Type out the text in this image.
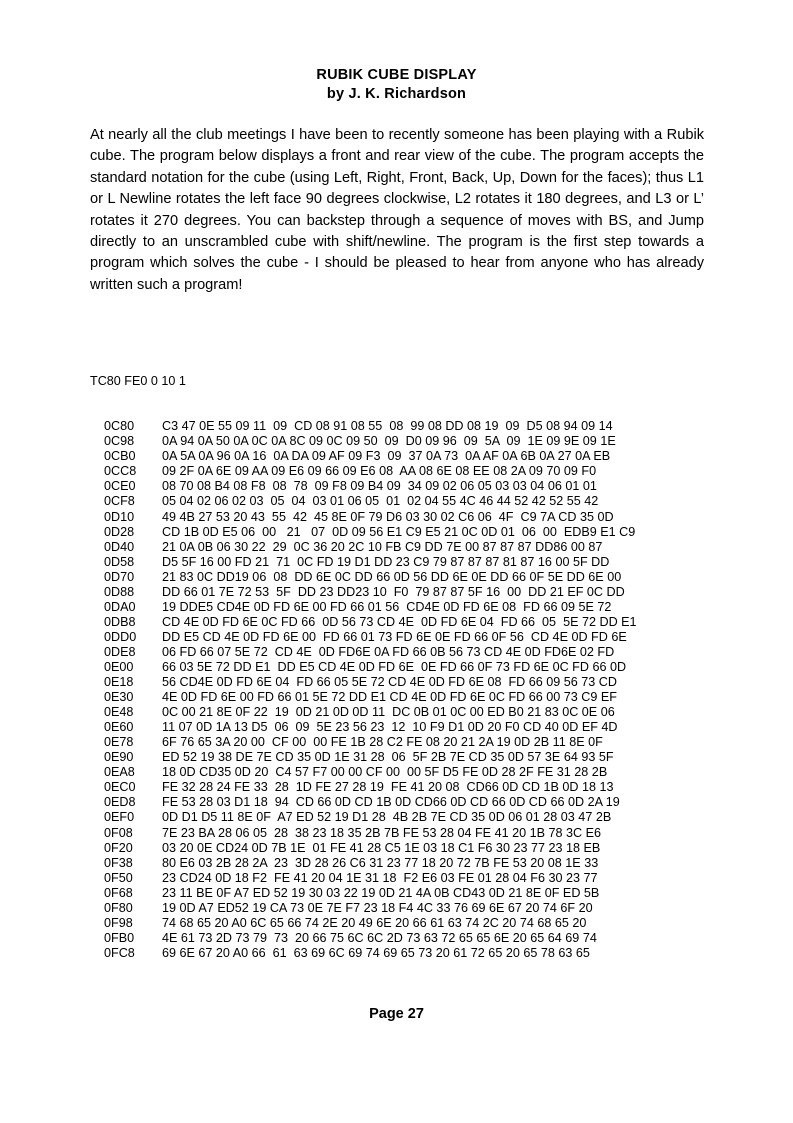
RUBIK CUBE DISPLAY
by J. K. Richardson

At nearly all the club meetings I have been to recently someone has been playing with a Rubik cube. The program below displays a front and rear view of the cube. The program accepts the standard notation for the cube (using Left, Right, Front, Back, Up, Down for the faces); thus L1 or L Newline rotates the left face 90 degrees clockwise, L2 rotates it 180 degrees, and L3 or L’ rotates it 270 degrees. You can backstep through a sequence of moves with BS, and Jump directly to an unscrambled cube with shift/newline. The program is the first step towards a program which solves the cube - I should be pleased to hear from anyone who has already written such a program!

TC80 FE0 0 10 1

0C80 C3 47 0E 55 09 11  09  CD 08 91 08 55  08  99 08 DD 08 19  09  D5 08 94 09 14
0C98 0A 94 0A 50 0A 0C 0A 8C 09 0C 09 50  09  D0 09 96  09  5A  09  1E 09 9E 09 1E
0CB0 0A 5A 0A 96 0A 16  0A DA 09 AF 09 F3  09  37 0A 73  0A AF 0A 6B 0A 27 0A EB
0CC8 09 2F 0A 6E 09 AA 09 E6 09 66 09 E6 08  AA 08 6E 08 EE 08 2A 09 70 09 F0
0CE0 08 70 08 B4 08 F8  08  78  09 F8 09 B4 09  34 09 02 06 05 03 03 04 06 01 01
0CF8 05 04 02 06 02 03  05  04  03 01 06 05  01  02 04 55 4C 46 44 52 42 52 55 42
0D10 49 4B 27 53 20 43  55  42  45 8E 0F 79 D6 03 30 02 C6 06  4F  C9 7A CD 35 0D
0D28 CD 1B 0D E5 06  00   21   07  0D 09 56 E1 C9 E5 21 0C 0D 01  06  00  EDB9 E1 C9
0D40 21 0A 0B 06 30 22  29  0C 36 20 2C 10 FB C9 DD 7E 00 87 87 87 DD86 00 87
0D58 D5 5F 16 00 FD 21  71  0C FD 19 D1 DD 23 C9 79 87 87 87 81 87 16 00 5F DD
0D70 21 83 0C DD19 06  08  DD 6E 0C DD 66 0D 56 DD 6E 0E DD 66 0F 5E DD 6E 00
0D88 DD 66 01 7E 72 53  5F  DD 23 DD23 10  F0  79 87 87 5F 16  00  DD 21 EF 0C DD
0DA0 19 DDE5 CD4E 0D FD 6E 00 FD 66 01 56  CD4E 0D FD 6E 08  FD 66 09 5E 72
0DB8 CD 4E 0D FD 6E 0C FD 66  0D 56 73 CD 4E  0D FD 6E 04  FD 66  05  5E 72 DD E1
0DD0 DD E5 CD 4E 0D FD 6E 00  FD 66 01 73 FD 6E 0E FD 66 0F 56  CD 4E 0D FD 6E
0DE8 06 FD 66 07 5E 72  CD 4E  0D FD6E 0A FD 66 0B 56 73 CD 4E 0D FD6E 02 FD
0E00 66 03 5E 72 DD E1  DD E5 CD 4E 0D FD 6E  0E FD 66 0F 73 FD 6E 0C FD 66 0D
0E18 56 CD4E 0D FD 6E 04  FD 66 05 5E 72 CD 4E 0D FD 6E 08  FD 66 09 56 73 CD
0E30 4E 0D FD 6E 00 FD 66 01 5E 72 DD E1 CD 4E 0D FD 6E 0C FD 66 00 73 C9 EF
0E48 0C 00 21 8E 0F 22  19  0D 21 0D 0D 11  DC 0B 01 0C 00 ED B0 21 83 0C 0E 06
0E60 11 07 0D 1A 13 D5  06  09  5E 23 56 23  12  10 F9 D1 0D 20 F0 CD 40 0D EF 4D
0E78 6F 76 65 3A 20 00  CF 00  00 FE 1B 28 C2 FE 08 20 21 2A 19 0D 2B 11 8E 0F
0E90 ED 52 19 38 DE 7E CD 35 0D 1E 31 28  06  5F 2B 7E CD 35 0D 57 3E 64 93 5F
0EA8 18 0D CD35 0D 20  C4 57 F7 00 00 CF 00  00 5F D5 FE 0D 28 2F FE 31 28 2B
0EC0 FE 32 28 24 FE 33  28  1D FE 27 28 19  FE 41 20 08  CD66 0D CD 1B 0D 18 13
0ED8 FE 53 28 03 D1 18  94  CD 66 0D CD 1B 0D CD66 0D CD 66 0D CD 66 0D 2A 19
0EF0 0D D1 D5 11 8E 0F  A7 ED 52 19 D1 28  4B 2B 7E CD 35 0D 06 01 28 03 47 2B
0F08 7E 23 BA 28 06 05  28  38 23 18 35 2B 7B FE 53 28 04 FE 41 20 1B 78 3C E6
0F20 03 20 0E CD24 0D 7B 1E  01 FE 41 28 C5 1E 03 18 C1 F6 30 23 77 23 18 EB
0F38 80 E6 03 2B 28 2A  23  3D 28 26 C6 31 23 77 18 20 72 7B FE 53 20 08 1E 33
0F50 23 CD24 0D 18 F2  FE 41 20 04 1E 31 18  F2 E6 03 FE 01 28 04 F6 30 23 77
0F68 23 11 BE 0F A7 ED 52 19 30 03 22 19 0D 21 4A 0B CD43 0D 21 8E 0F ED 5B
0F80 19 0D A7 ED52 19 CA 73 0E 7E F7 23 18 F4 4C 33 76 69 6E 67 20 74 6F 20
0F98 74 68 65 20 A0 6C 65 66 74 2E 20 49 6E 20 66 61 63 74 2C 20 74 68 65 20
0FB0 4E 61 73 2D 73 79  73  20 66 75 6C 6C 2D 73 63 72 65 65 6E 20 65 64 69 74
0FC8 69 6E 67 20 A0 66  61  63 69 6C 69 74 69 65 73 20 61 72 65 20 65 78 63 65

Page 27
